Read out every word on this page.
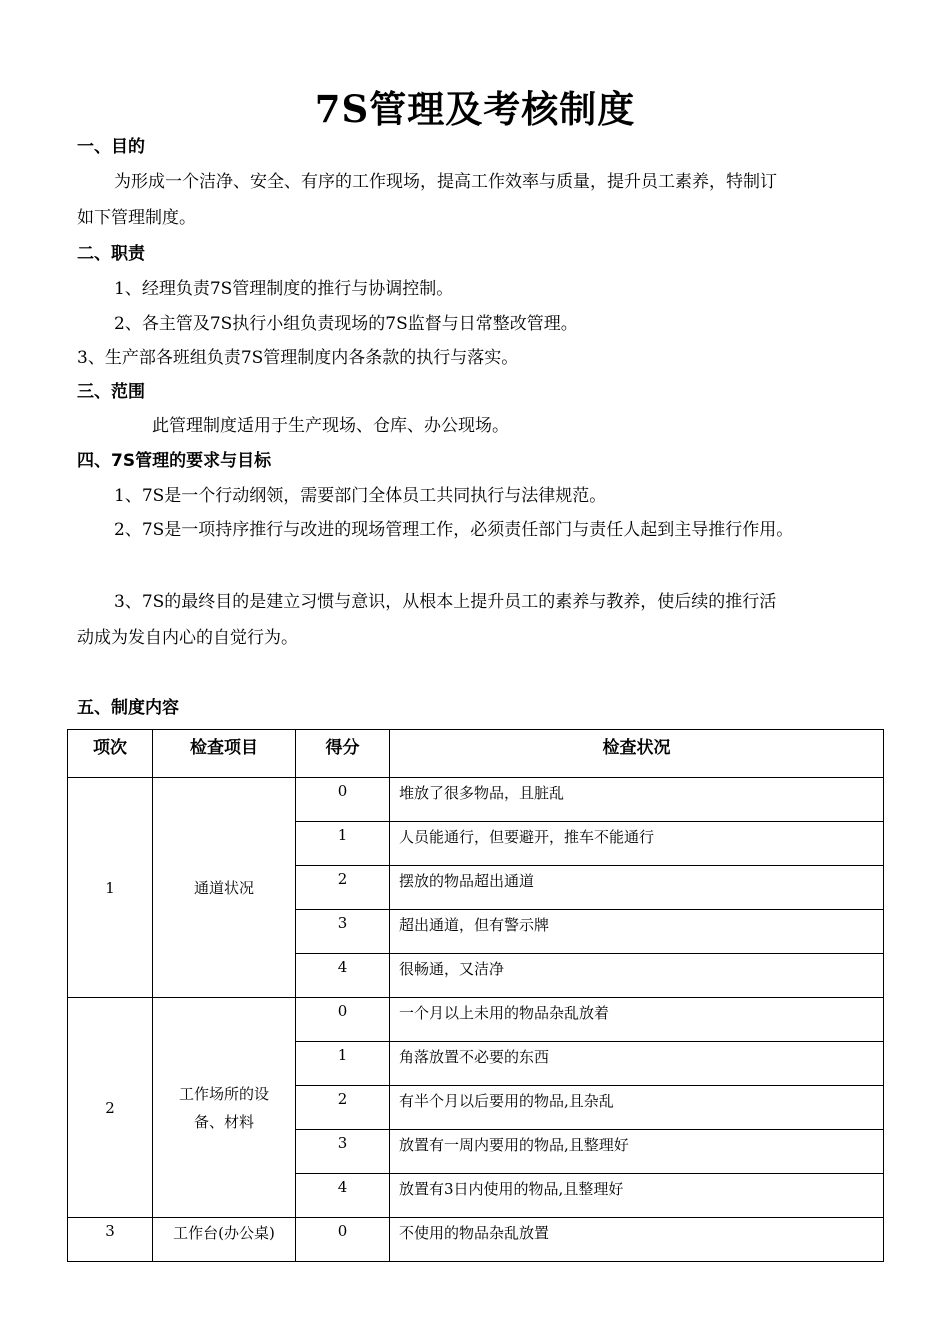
7S管理及考核制度
一、目的
为形成一个洁净、安全、有序的工作现场，提高工作效率与质量，提升员工素养，特制订
如下管理制度。
二、职责
1、经理负责7S管理制度的推行与协调控制。
2、各主管及7S执行小组负责现场的7S监督与日常整改管理。
3、生产部各班组负责7S管理制度内各条款的执行与落实。
三、范围
此管理制度适用于生产现场、仓库、办公现场。
四、7S管理的要求与目标
1、7S是一个行动纲领，需要部门全体员工共同执行与法律规范。
2、7S是一项持序推行与改进的现场管理工作，必须责任部门与责任人起到主导推行作用。
3、7S的最终目的是建立习惯与意识，从根本上提升员工的素养与教养，使后续的推行活
动成为发自内心的自觉行为。
五、制度内容
项次	检查项目	得分	检查状况
1	通道状况	0	堆放了很多物品，且脏乱
		1	人员能通行，但要避开，推车不能通行
		2	摆放的物品超出通道
		3	超出通道，但有警示牌
		4	很畅通，又洁净
2	工作场所的设
备、材料	0	一个月以上未用的物品杂乱放着
		1	角落放置不必要的东西
		2	有半个月以后要用的物品,且杂乱
		3	放置有一周内要用的物品,且整理好
		4	放置有3日内使用的物品,且整理好
3	工作台(办公桌)	0	不使用的物品杂乱放置
